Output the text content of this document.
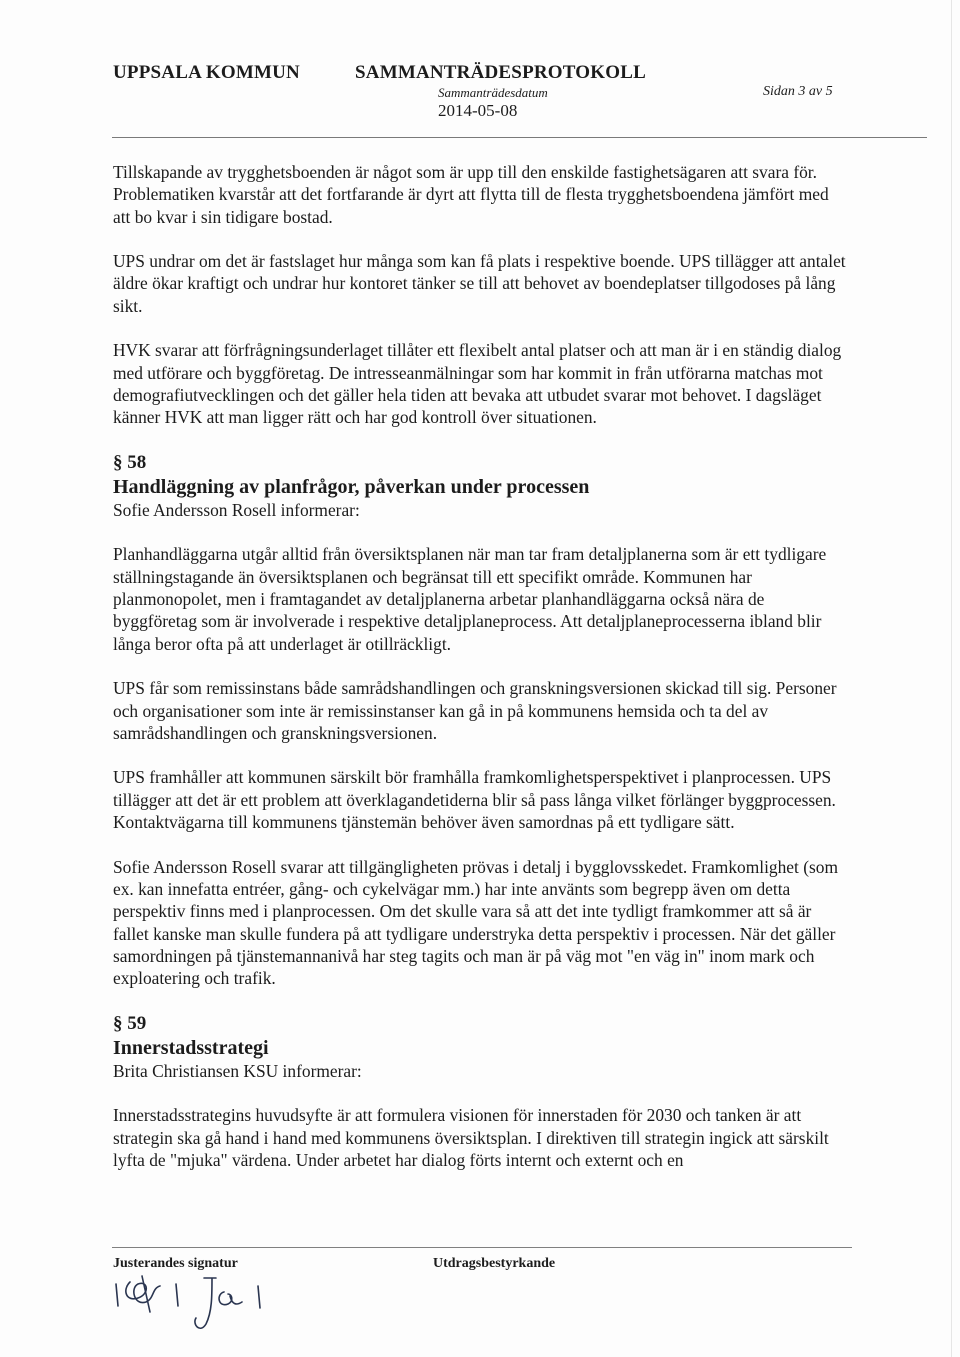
UPPSALA KOMMUN	SAMMANTRÄDESPROTOKOLL
Sammanträdesdatum
2014-05-08
Sidan 3 av 5

Tillskapande av trygghetsboenden är något som är upp till den enskilde fastighetsägaren att svara för. Problematiken kvarstår att det fortfarande är dyrt att flytta till de flesta trygghetsboendena jämfört med att bo kvar i sin tidigare bostad.

UPS undrar om det är fastslaget hur många som kan få plats i respektive boende. UPS tillägger att antalet äldre ökar kraftigt och undrar hur kontoret tänker se till att behovet av boendeplatser tillgodoses på lång sikt.

HVK svarar att förfrågningsunderlaget tillåter ett flexibelt antal platser och att man är i en ständig dialog med utförare och byggföretag. De intresseanmälningar som har kommit in från utförarna matchas mot demografiutvecklingen och det gäller hela tiden att bevaka att utbudet svarar mot behovet. I dagsläget känner HVK att man ligger rätt och har god kontroll över situationen.

§ 58
Handläggning av planfrågor, påverkan under processen

Sofie Andersson Rosell informerar:

Planhandläggarna utgår alltid från översiktsplanen när man tar fram detaljplanerna som är ett tydligare ställningstagande än översiktsplanen och begränsat till ett specifikt område. Kommunen har planmonopolet, men i framtagandet av detaljplanerna arbetar planhandläggarna också nära de byggföretag som är involverade i respektive detaljplaneprocess. Att detaljplaneprocesserna ibland blir långa beror ofta på att underlaget är otillräckligt.

UPS får som remissinstans både samrådshandlingen och granskningsversionen skickad till sig. Personer och organisationer som inte är remissinstanser kan gå in på kommunens hemsida och ta del av samrådshandlingen och granskningsversionen.

UPS framhåller att kommunen särskilt bör framhålla framkomlighetsperspektivet i planprocessen. UPS tillägger att det är ett problem att överklagandetiderna blir så pass långa vilket förlänger byggprocessen. Kontaktvägarna till kommunens tjänstemän behöver även samordnas på ett tydligare sätt.

Sofie Andersson Rosell svarar att tillgängligheten prövas i detalj i bygglovsskedet. Framkomlighet (som ex. kan innefatta entréer, gång- och cykelvägar mm.) har inte använts som begrepp även om detta perspektiv finns med i planprocessen. Om det skulle vara så att det inte tydligt framkommer att så är fallet kanske man skulle fundera på att tydligare understryka detta perspektiv i processen. När det gäller samordningen på tjänstemannanivå har steg tagits och man är på väg mot "en väg in" inom mark och exploatering och trafik.

§ 59
Innerstadsstrategi

Brita Christiansen KSU informerar:

Innerstadsstrategins huvudsyfte är att formulera visionen för innerstaden för 2030 och tanken är att strategin ska gå hand i hand med kommunens översiktsplan. I direktiven till strategin ingick att särskilt lyfta de "mjuka" värdena. Under arbetet har dialog förts internt och externt och en

Justerandes signatur	Utdragsbestyrkande
